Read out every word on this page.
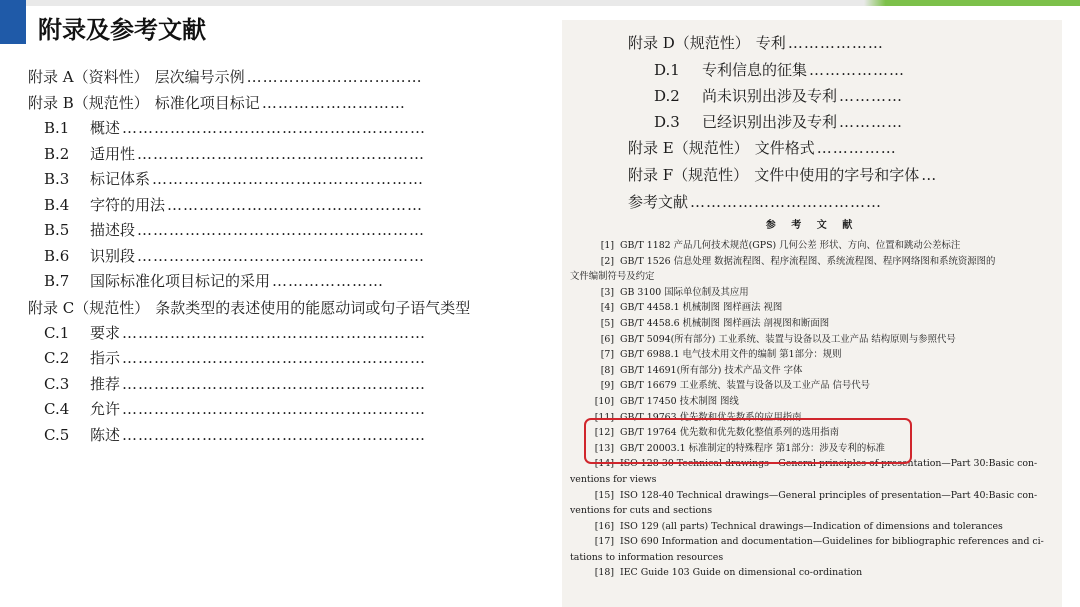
附录及参考文献
附录 A（资料性） 层次编号示例 ……………………………
附录 B（规范性） 标准化项目标记 ………………………
B.1 概述 …………………………………………………
B.2 适用性 ………………………………………………
B.3 标记体系 ……………………………………………
B.4 字符的用法 …………………………………………
B.5 描述段 ………………………………………………
B.6 识别段 ………………………………………………
B.7 国际标准化项目标记的采用 …………………
附录 C（规范性） 条款类型的表述使用的能愿动词或句子语气类型
C.1 要求 …………………………………………………
C.2 指示 …………………………………………………
C.3 推荐 …………………………………………………
C.4 允许 …………………………………………………
C.5 陈述 …………………………………………………
附录 D（规范性） 专利 ………………
D.1 专利信息的征集 ………………
D.2 尚未识别出涉及专利 …………
D.3 已经识别出涉及专利 …………
附录 E（规范性） 文件格式 ……………
附录 F（规范性） 文件中使用的字号和字体 …
参考文献 ………………………………
参 考 文 献
[1] GB/T 1182 产品几何技术规范(GPS) 几何公差 形状、方向、位置和跳动公差标注
[2] GB/T 1526 信息处理 数据流程图、程序流程图、系统流程图、程序网络图和系统资源图的
文件编制符号及约定
[3] GB 3100 国际单位制及其应用
[4] GB/T 4458.1 机械制图 图样画法 视图
[5] GB/T 4458.6 机械制图 图样画法 剖视图和断面图
[6] GB/T 5094(所有部分) 工业系统、装置与设备以及工业产品 结构原则与参照代号
[7] GB/T 6988.1 电气技术用文件的编制 第1部分：规则
[8] GB/T 14691(所有部分) 技术产品文件 字体
[9] GB/T 16679 工业系统、装置与设备以及工业产品 信号代号
[10] GB/T 17450 技术制图 图线
[11] GB/T 19763 优先数和优先数系的应用指南
[12] GB/T 19764 优先数和优先数化整值系列的选用指南
[13] GB/T 20003.1 标准制定的特殊程序 第1部分：涉及专利的标准
[14] ISO 128-30 Technical drawings—General principles of presentation—Part 30:Basic con-
ventions for views
[15] ISO 128-40 Technical drawings—General principles of presentation—Part 40:Basic con-
ventions for cuts and sections
[16] ISO 129 (all parts) Technical drawings—Indication of dimensions and tolerances
[17] ISO 690 Information and documentation—Guidelines for bibliographic references and ci-
tations to information resources
[18] IEC Guide 103 Guide on dimensional co-ordination
